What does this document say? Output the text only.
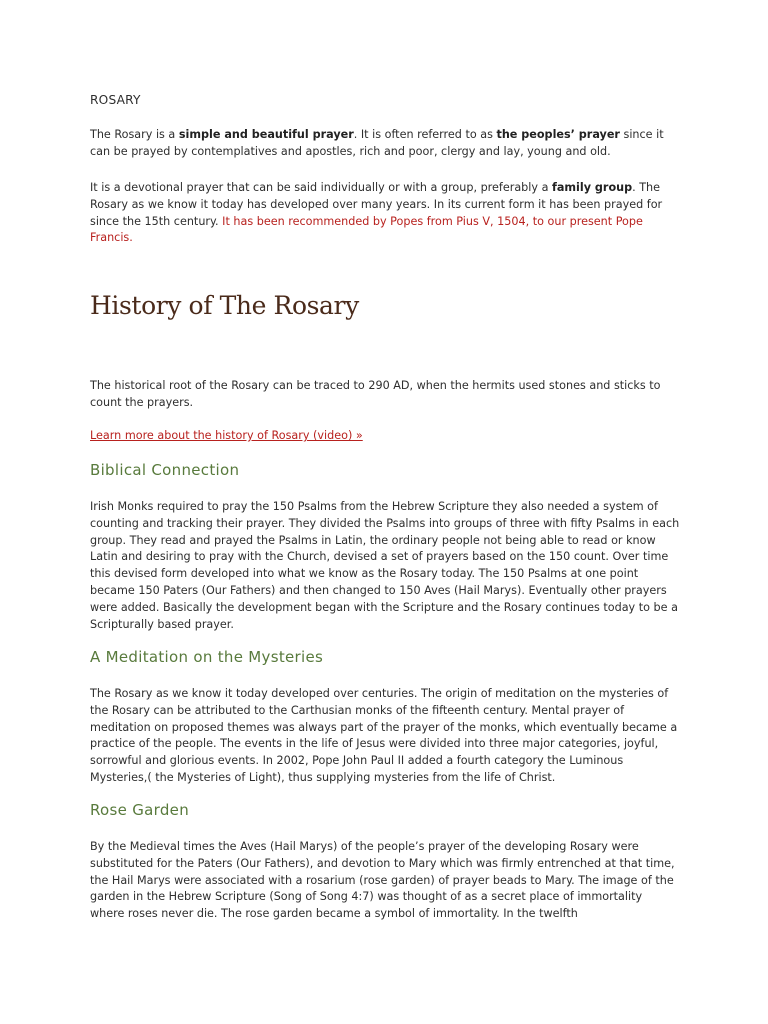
ROSARY

The Rosary is a simple and beautiful prayer. It is often referred to as the peoples’ prayer since it can be prayed by contemplatives and apostles, rich and poor, clergy and lay, young and old.

It is a devotional prayer that can be said individually or with a group, preferably a family group. The Rosary as we know it today has developed over many years. In its current form it has been prayed for since the 15th century. It has been recommended by Popes from Pius V, 1504, to our present Pope Francis.

History of The Rosary

The historical root of the Rosary can be traced to 290 AD, when the hermits used stones and sticks to count the prayers.

Learn more about the history of Rosary (video) »
Biblical Connection

Irish Monks required to pray the 150 Psalms from the Hebrew Scripture they also needed a system of counting and tracking their prayer. They divided the Psalms into groups of three with fifty Psalms in each group. They read and prayed the Psalms in Latin, the ordinary people not being able to read or know Latin and desiring to pray with the Church, devised a set of prayers based on the 150 count. Over time this devised form developed into what we know as the Rosary today. The 150 Psalms at one point became 150 Paters (Our Fathers) and then changed to 150 Aves (Hail Marys). Eventually other prayers were added. Basically the development began with the Scripture and the Rosary continues today to be a Scripturally based prayer.

A Meditation on the Mysteries

The Rosary as we know it today developed over centuries. The origin of meditation on the mysteries of the Rosary can be attributed to the Carthusian monks of the fifteenth century. Mental prayer of meditation on proposed themes was always part of the prayer of the monks, which eventually became a practice of the people. The events in the life of Jesus were divided into three major categories, joyful, sorrowful and glorious events. In 2002, Pope John Paul II added a fourth category the Luminous Mysteries,( the Mysteries of Light), thus supplying mysteries from the life of Christ.

Rose Garden

By the Medieval times the Aves (Hail Marys) of the people’s prayer of the developing Rosary were substituted for the Paters (Our Fathers), and devotion to Mary which was firmly entrenched at that time, the Hail Marys were associated with a rosarium (rose garden) of prayer beads to Mary. The image of the garden in the Hebrew Scripture (Song of Song 4:7) was thought of as a secret place of immortality where roses never die. The rose garden became a symbol of immortality. In the twelfth
